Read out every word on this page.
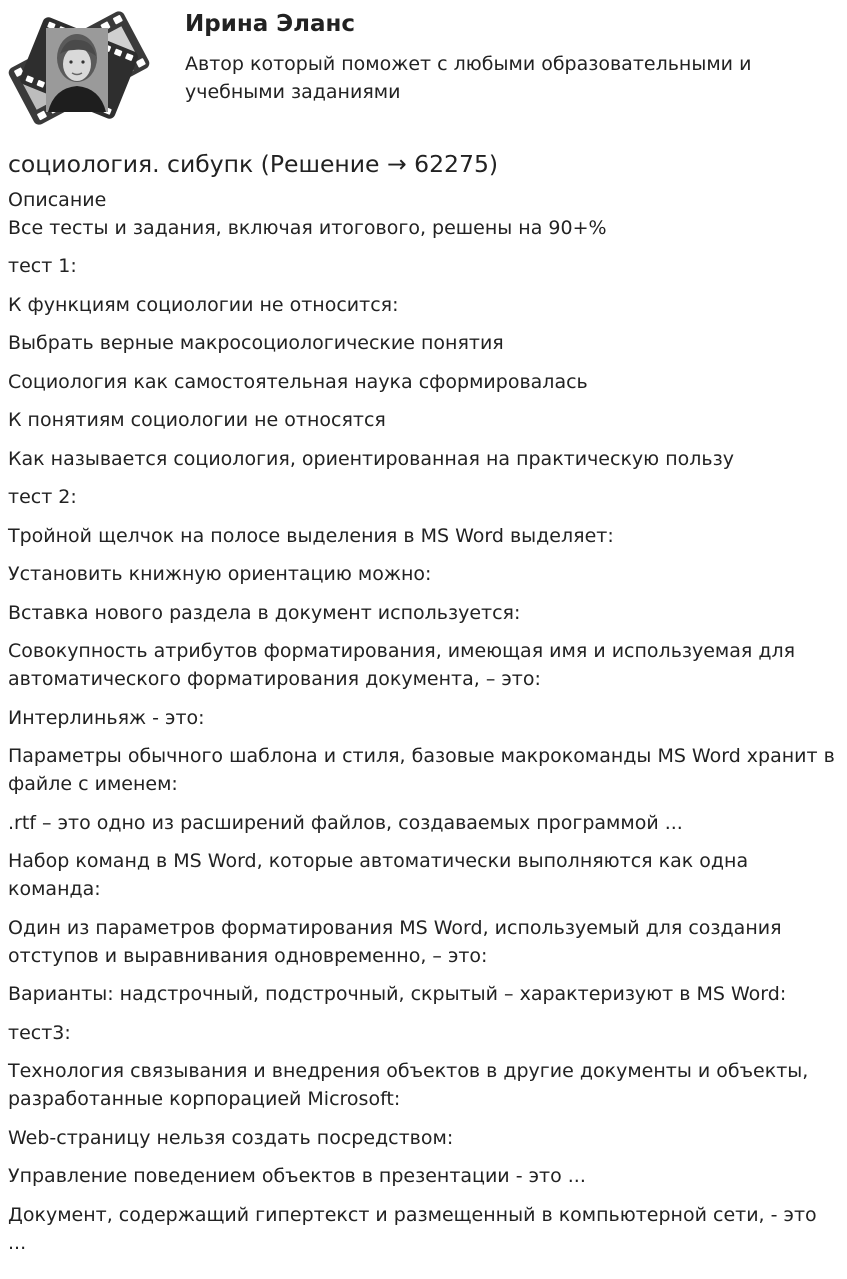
Ирина Эланс
Автор который поможет с любыми образовательными и учебными заданиями
социология. сибупк (Решение → 62275)
Описание
Все тесты и задания, включая итогового, решены на 90+%
тест 1:
К функциям социологии не относится:
Выбрать верные макросоциологические понятия
Социология как самостоятельная наука сформировалась
К понятиям социологии не относятся
Как называется социология, ориентированная на практическую пользу
тест 2:
Тройной щелчок на полосе выделения в MS Word выделяет:
Установить книжную ориентацию можно:
Вставка нового раздела в документ используется:
Совокупность атрибутов форматирования, имеющая имя и используемая для автоматического форматирования документа, – это:
Интерлиньяж - это:
Параметры обычного шаблона и стиля, базовые макрокоманды MS Word хранит в файле с именем:
.rtf – это одно из расширений файлов, создаваемых программой ...
Набор команд в MS Word, которые автоматически выполняются как одна команда:
Один из параметров форматирования MS Word, используемый для создания отступов и выравнивания одновременно, – это:
Варианты: надстрочный, подстрочный, скрытый – характеризуют в MS Word:
тест3:
Технология связывания и внедрения объектов в другие документы и объекты, разработанные корпорацией Microsoft:
Web-страницу нельзя создать посредством:
Управление поведением объектов в презентации - это ...
Документ, содержащий гипертекст и размещенный в компьютерной сети, - это ...
